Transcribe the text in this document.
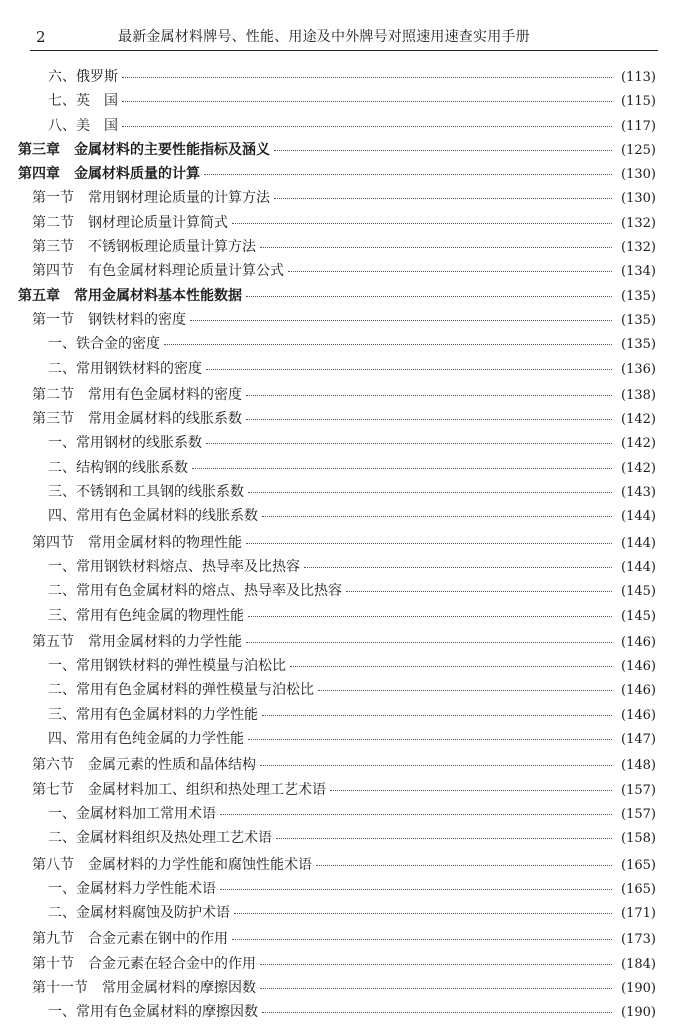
2	最新金属材料牌号、性能、用途及中外牌号对照速用速查实用手册
六、俄罗斯	(113)
七、英　国	(115)
八、美　国	(117)
第三章　金属材料的主要性能指标及涵义	(125)
第四章　金属材料质量的计算	(130)
第一节　常用钢材理论质量的计算方法	(130)
第二节　钢材理论质量计算简式	(132)
第三节　不锈钢板理论质量计算方法	(132)
第四节　有色金属材料理论质量计算公式	(134)
第五章　常用金属材料基本性能数据	(135)
第一节　钢铁材料的密度	(135)
一、铁合金的密度	(135)
二、常用钢铁材料的密度	(136)
第二节　常用有色金属材料的密度	(138)
第三节　常用金属材料的线胀系数	(142)
一、常用钢材的线胀系数	(142)
二、结构钢的线胀系数	(142)
三、不锈钢和工具钢的线胀系数	(143)
四、常用有色金属材料的线胀系数	(144)
第四节　常用金属材料的物理性能	(144)
一、常用钢铁材料熔点、热导率及比热容	(144)
二、常用有色金属材料的熔点、热导率及比热容	(145)
三、常用有色纯金属的物理性能	(145)
第五节　常用金属材料的力学性能	(146)
一、常用钢铁材料的弹性模量与泊松比	(146)
二、常用有色金属材料的弹性模量与泊松比	(146)
三、常用有色金属材料的力学性能	(146)
四、常用有色纯金属的力学性能	(147)
第六节　金属元素的性质和晶体结构	(148)
第七节　金属材料加工、组织和热处理工艺术语	(157)
一、金属材料加工常用术语	(157)
二、金属材料组织及热处理工艺术语	(158)
第八节　金属材料的力学性能和腐蚀性能术语	(165)
一、金属材料力学性能术语	(165)
二、金属材料腐蚀及防护术语	(171)
第九节　合金元素在钢中的作用	(173)
第十节　合金元素在轻合金中的作用	(184)
第十一节　常用金属材料的摩擦因数	(190)
一、常用有色金属材料的摩擦因数	(190)
